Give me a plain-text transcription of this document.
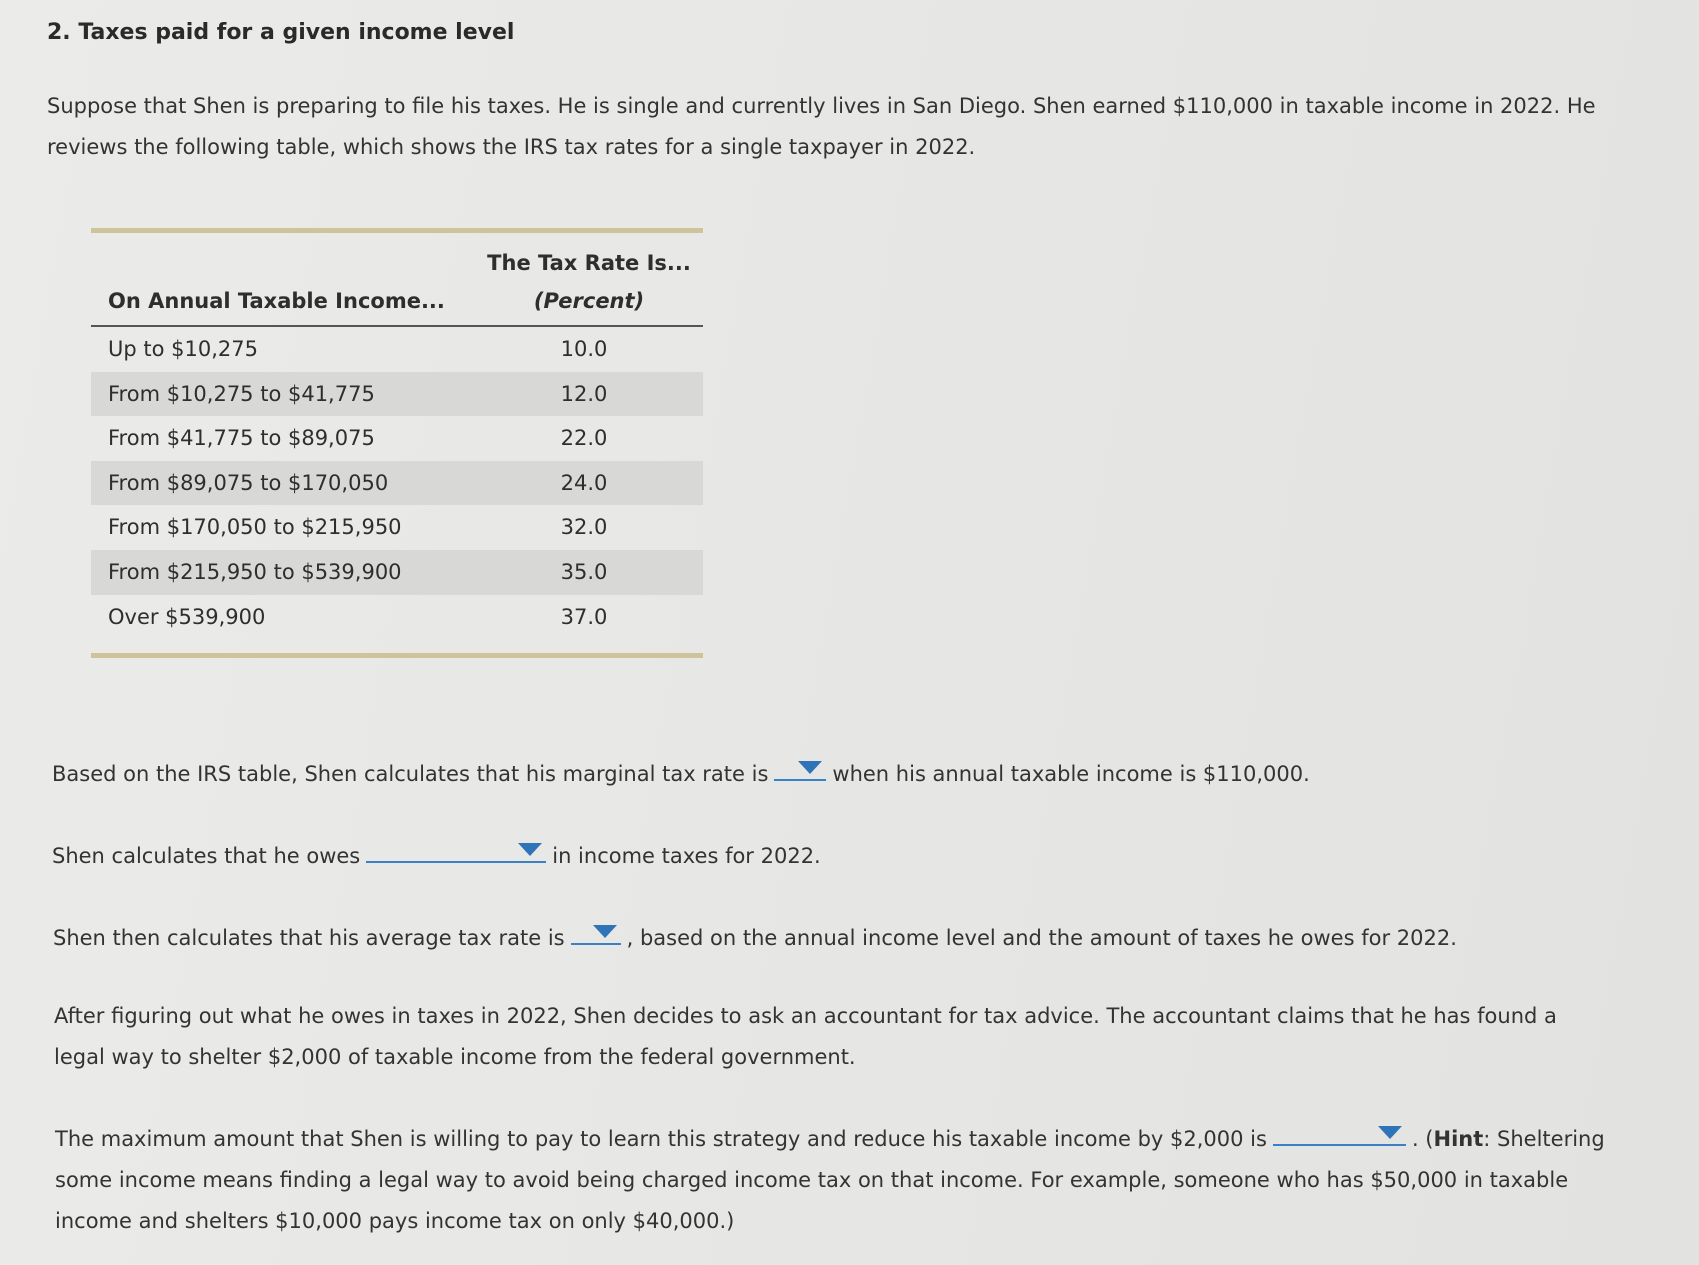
2. Taxes paid for a given income level
Suppose that Shen is preparing to file his taxes. He is single and currently lives in San Diego. Shen earned $110,000 in taxable income in 2022. He reviews the following table, which shows the IRS tax rates for a single taxpayer in 2022.
On Annual Taxable Income...
The Tax Rate Is...
(Percent)
Up to $10,275	10.0
From $10,275 to $41,775	12.0
From $41,775 to $89,075	22.0
From $89,075 to $170,050	24.0
From $170,050 to $215,950	32.0
From $215,950 to $539,900	35.0
Over $539,900	37.0
Based on the IRS table, Shen calculates that his marginal tax rate is	when his annual taxable income is $110,000.
Shen calculates that he owes	in income taxes for 2022.
Shen then calculates that his average tax rate is	, based on the annual income level and the amount of taxes he owes for 2022.
After figuring out what he owes in taxes in 2022, Shen decides to ask an accountant for tax advice. The accountant claims that he has found a legal way to shelter $2,000 of taxable income from the federal government.
The maximum amount that Shen is willing to pay to learn this strategy and reduce his taxable income by $2,000 is	. (Hint: Sheltering some income means finding a legal way to avoid being charged income tax on that income. For example, someone who has $50,000 in taxable income and shelters $10,000 pays income tax on only $40,000.)
